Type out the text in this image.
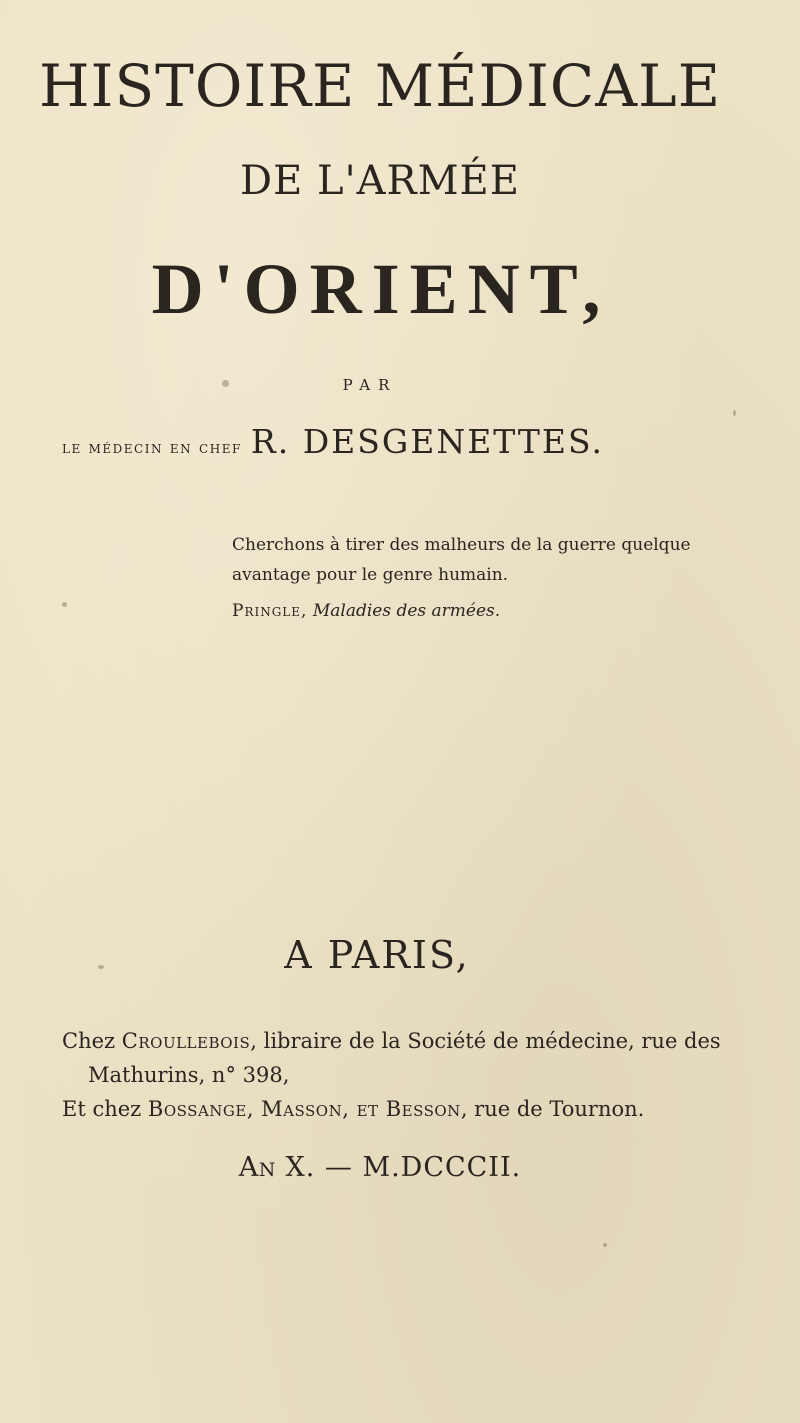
HISTOIRE MÉDICALE
DE L'ARMÉE
D'ORIENT,
PAR
le médecin en chef R. DESGENETTES.
Cherchons à tirer des malheurs de la guerre quelque avantage pour le genre humain.
Pringle, Maladies des armées.
A PARIS,
Chez Croullebois, libraire de la Société de médecine, rue des
Mathurins, n° 398,
Et chez Bossange, Masson, et Besson, rue de Tournon.
An X. — M.DCCCII.
